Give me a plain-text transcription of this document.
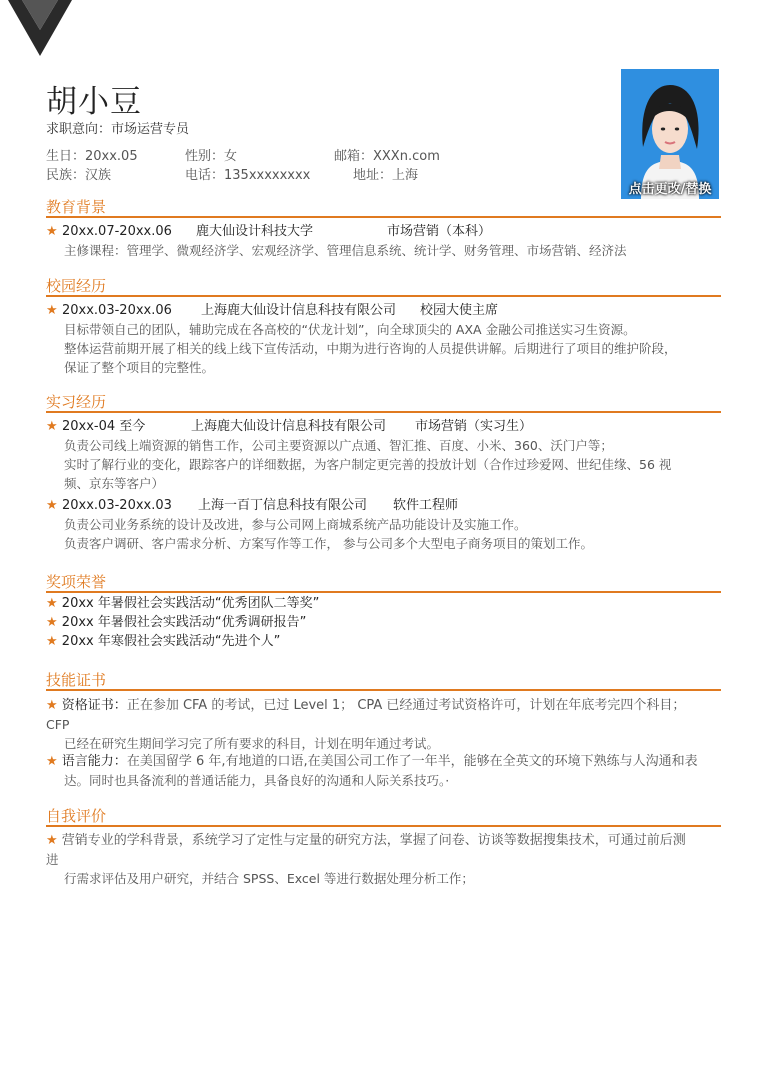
胡小豆
求职意向：市场运营专员
生日：20xx.05	性别：女	邮箱：XXXn.com
民族：汉族	电话：135xxxxxxxx	地址：上海
点击更改/替换
教育背景
★ 20xx.07-20xx.06 鹿大仙设计科技大学	市场营销（本科）
主修课程：管理学、微观经济学、宏观经济学、管理信息系统、统计学、财务管理、市场营销、经济法
校园经历
★ 20xx.03-20xx.06 上海鹿大仙设计信息科技有限公司 校园大使主席
目标带领自己的团队，辅助完成在各高校的“伏龙计划”，向全球顶尖的 AXA 金融公司推送实习生资源。
整体运营前期开展了相关的线上线下宣传活动，中期为进行咨询的人员提供讲解。后期进行了项目的维护阶段，
保证了整个项目的完整性。
实习经历
★ 20xx-04 至今	上海鹿大仙设计信息科技有限公司 市场营销（实习生）
负责公司线上端资源的销售工作，公司主要资源以广点通、智汇推、百度、小米、360、沃门户等；
实时了解行业的变化，跟踪客户的详细数据，为客户制定更完善的投放计划（合作过珍爱网、世纪佳缘、56 视
频、京东等客户）
★ 20xx.03-20xx.03 上海一百丁信息科技有限公司 软件工程师
负责公司业务系统的设计及改进，参与公司网上商城系统产品功能设计及实施工作。
负责客户调研、客户需求分析、方案写作等工作， 参与公司多个大型电子商务项目的策划工作。
奖项荣誉
★ 20xx 年暑假社会实践活动“优秀团队二等奖”
★ 20xx 年暑假社会实践活动“优秀调研报告”
★ 20xx 年寒假社会实践活动“先进个人”
技能证书
★ 资格证书：正在参加 CFA 的考试，已过 Level 1； CPA 已经通过考试资格许可，计划在年底考完四个科目；
CFP
已经在研究生期间学习完了所有要求的科目，计划在明年通过考试。
★ 语言能力：在美国留学 6 年,有地道的口语,在美国公司工作了一年半，能够在全英文的环境下熟练与人沟通和表
达。同时也具备流利的普通话能力，具备良好的沟通和人际关系技巧。·
自我评价
★ 营销专业的学科背景，系统学习了定性与定量的研究方法，掌握了问卷、访谈等数据搜集技术，可通过前后测
进
行需求评估及用户研究，并结合 SPSS、Excel 等进行数据处理分析工作；
